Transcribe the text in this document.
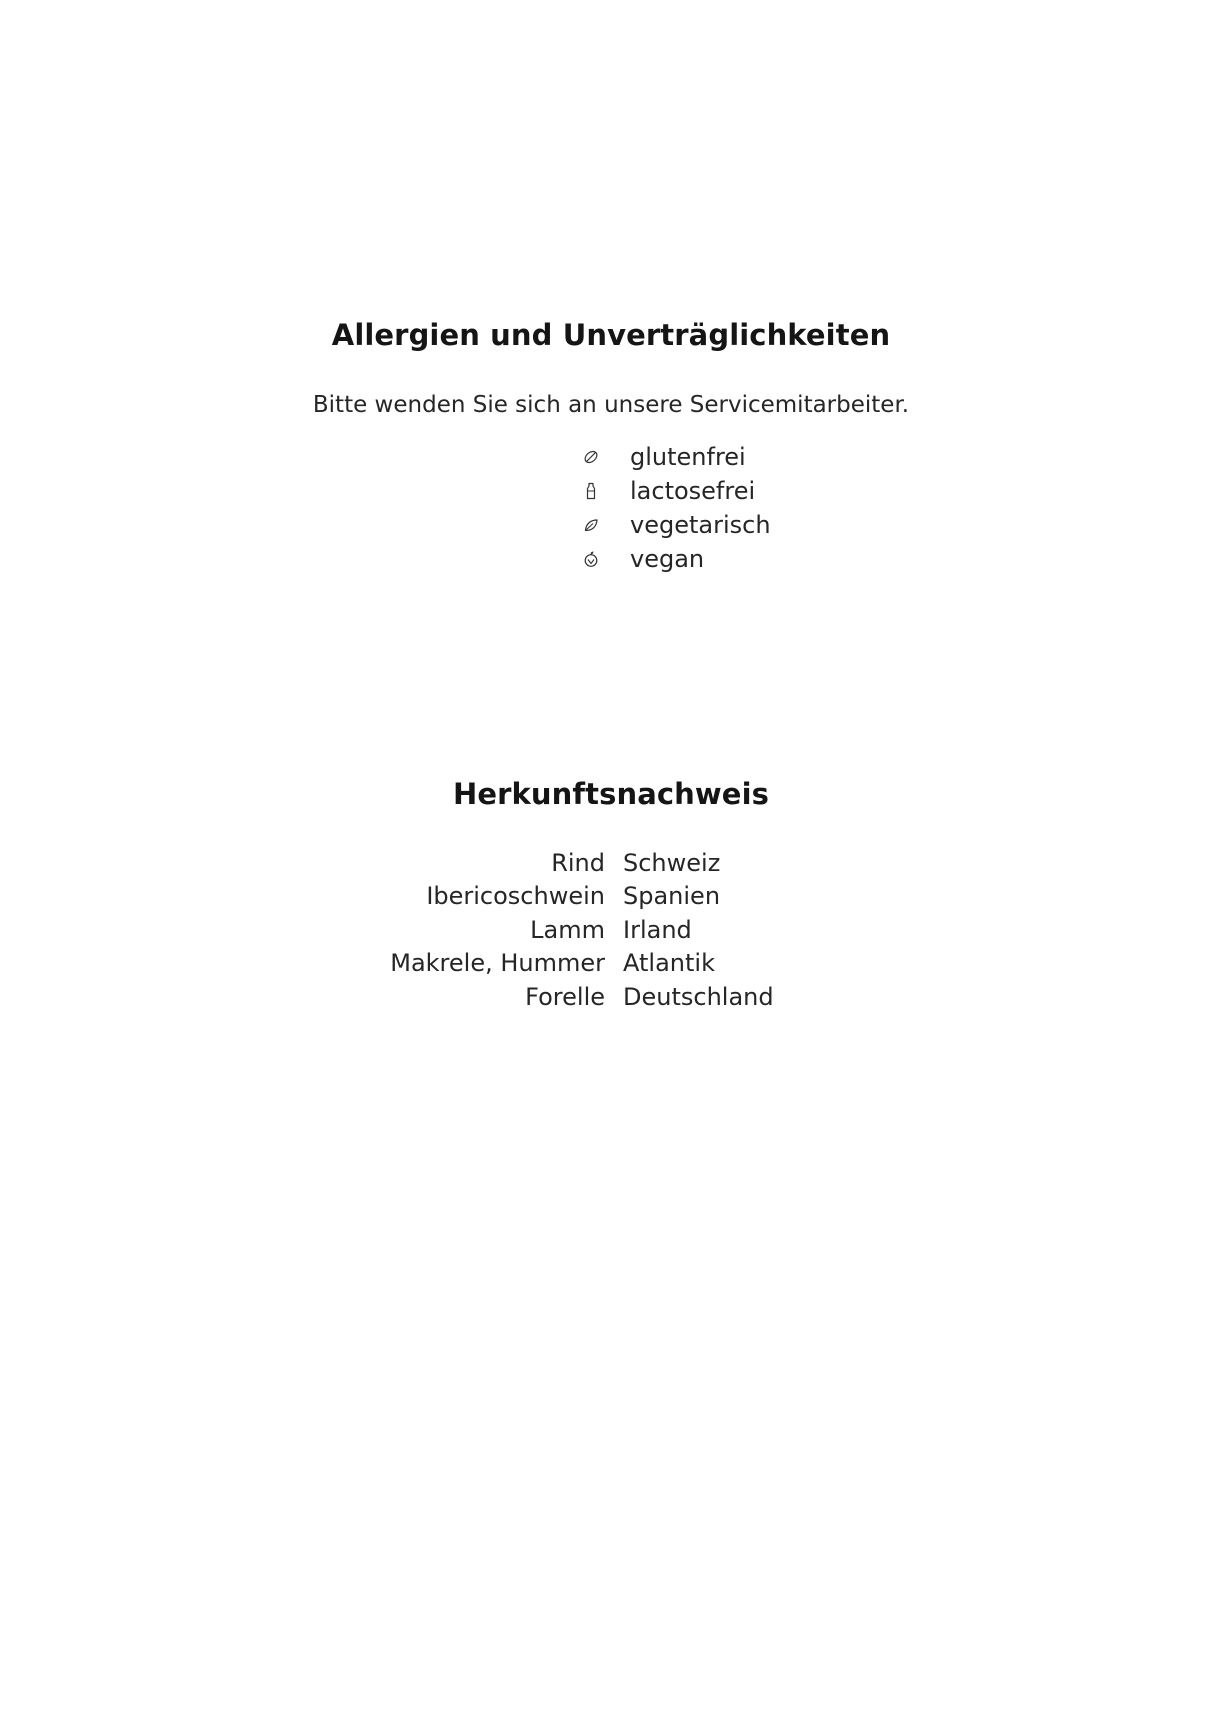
Allergien und Unverträglichkeiten
Bitte wenden Sie sich an unsere Servicemitarbeiter.
glutenfrei
lactosefrei
vegetarisch
vegan
Herkunftsnachweis
Rind Schweiz
Ibericoschwein Spanien
Lamm Irland
Makrele, Hummer Atlantik
Forelle Deutschland
